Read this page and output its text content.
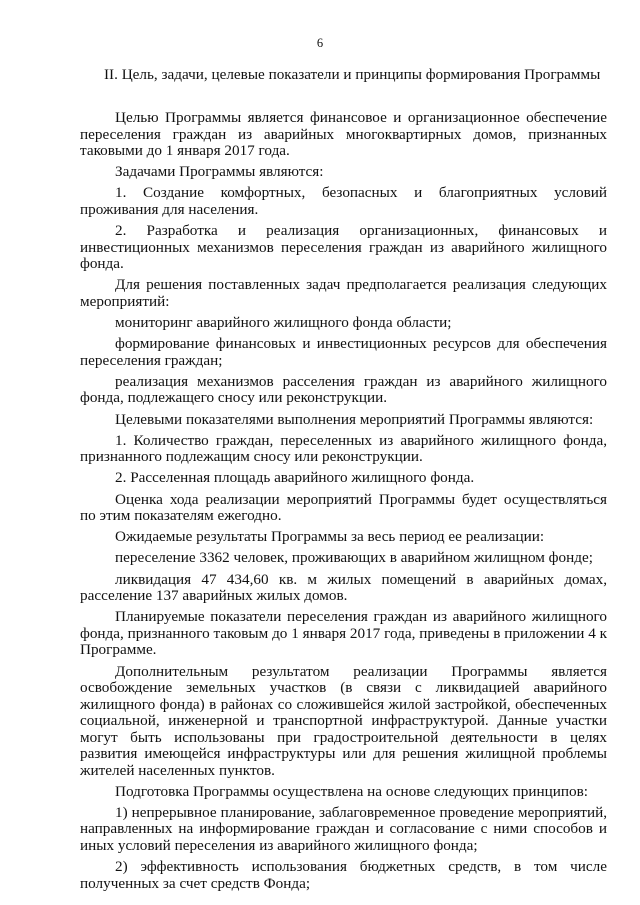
6
II. Цель, задачи, целевые показатели и принципы формирования Программы

Целью Программы является финансовое и организационное обеспечение переселения граждан из аварийных многоквартирных домов, признанных таковыми до 1 января 2017 года.

Задачами Программы являются:

1. Создание комфортных, безопасных и благоприятных условий проживания для населения.

2. Разработка и реализация организационных, финансовых и инвестиционных механизмов переселения граждан из аварийного жилищного фонда.

Для решения поставленных задач предполагается реализация следующих мероприятий:

мониторинг аварийного жилищного фонда области;

формирование финансовых и инвестиционных ресурсов для обеспечения переселения граждан;

реализация механизмов расселения граждан из аварийного жилищного фонда, подлежащего сносу или реконструкции.

Целевыми показателями выполнения мероприятий Программы являются:

1. Количество граждан, переселенных из аварийного жилищного фонда, признанного подлежащим сносу или реконструкции.

2. Расселенная площадь аварийного жилищного фонда.

Оценка хода реализации мероприятий Программы будет осуществляться по этим показателям ежегодно.

Ожидаемые результаты Программы за весь период ее реализации:

переселение 3362 человек, проживающих в аварийном жилищном фонде;

ликвидация 47 434,60 кв. м жилых помещений в аварийных домах, расселение 137 аварийных жилых домов.

Планируемые показатели переселения граждан из аварийного жилищного фонда, признанного таковым до 1 января 2017 года, приведены в приложении 4 к Программе.

Дополнительным результатом реализации Программы является освобождение земельных участков (в связи с ликвидацией аварийного жилищного фонда) в районах со сложившейся жилой застройкой, обеспеченных социальной, инженерной и транспортной инфраструктурой. Данные участки могут быть использованы при градостроительной деятельности в целях развития имеющейся инфраструктуры или для решения жилищной проблемы жителей населенных пунктов.

Подготовка Программы осуществлена на основе следующих принципов:

1) непрерывное планирование, заблаговременное проведение мероприятий, направленных на информирование граждан и согласование с ними способов и иных условий переселения из аварийного жилищного фонда;

2) эффективность использования бюджетных средств, в том числе полученных за счет средств Фонда;
